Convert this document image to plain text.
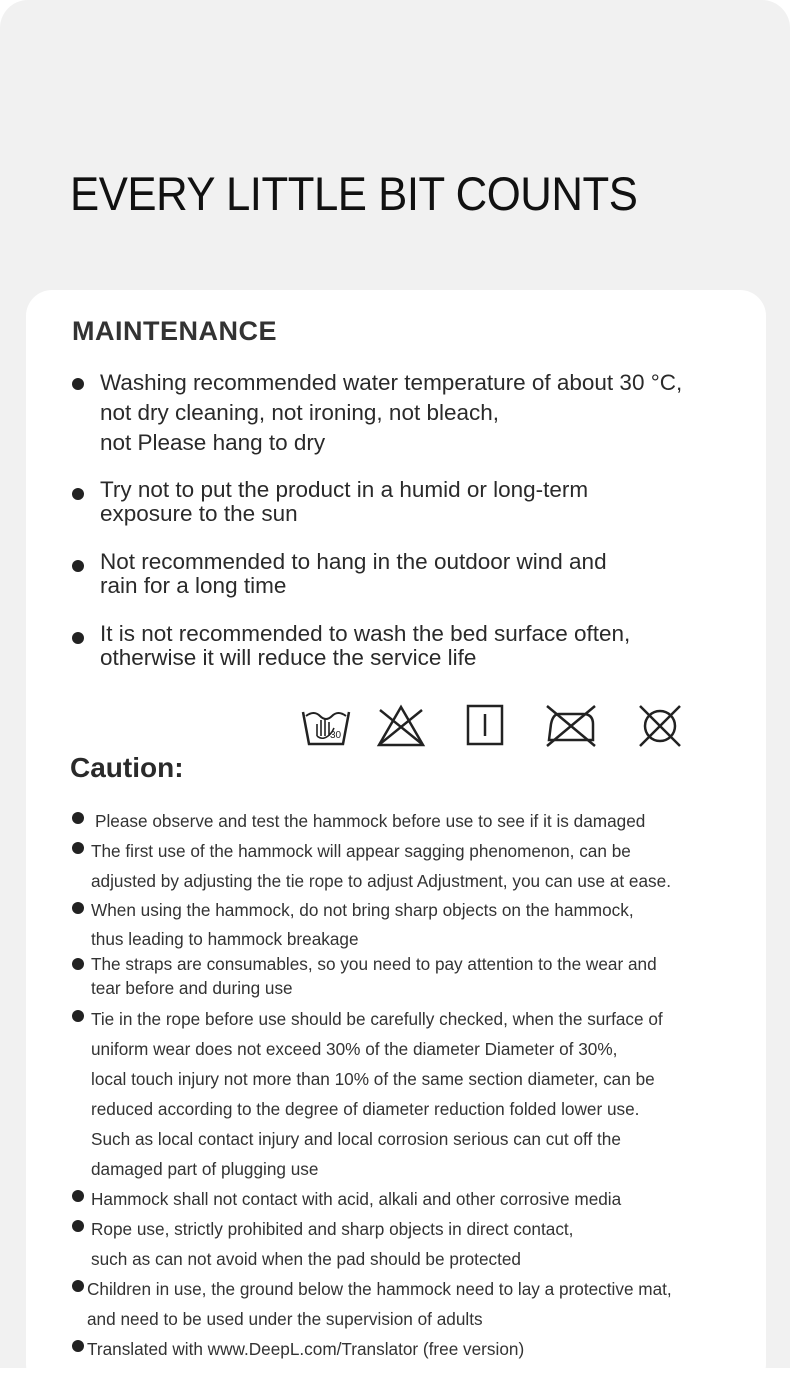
EVERY LITTLE BIT COUNTS
MAINTENANCE
Washing recommended water temperature of about 30 °C,
not dry cleaning, not ironing, not bleach,
not Please hang to dry
Try not to put the product in a humid or long-term
exposure to the sun
Not recommended to hang in the outdoor wind and
rain for a long time
It is not recommended to wash the bed surface often,
otherwise it will reduce the service life
30
Caution:
Please observe and test the hammock before use to see if it is damaged
The first use of the hammock will appear sagging phenomenon, can be
adjusted by adjusting the tie rope to adjust Adjustment, you can use at ease.
When using the hammock, do not bring sharp objects on the hammock,
thus leading to hammock breakage
The straps are consumables, so you need to pay attention to the wear and
tear before and during use
Tie in the rope before use should be carefully checked, when the surface of
uniform wear does not exceed 30% of the diameter Diameter of 30%,
local touch injury not more than 10% of the same section diameter, can be
reduced according to the degree of diameter reduction folded lower use.
Such as local contact injury and local corrosion serious can cut off the
damaged part of plugging use
Hammock shall not contact with acid, alkali and other corrosive media
Rope use, strictly prohibited and sharp objects in direct contact,
such as can not avoid when the pad should be protected
Children in use, the ground below the hammock need to lay a protective mat,
and need to be used under the supervision of adults
Translated with www.DeepL.com/Translator (free version)
